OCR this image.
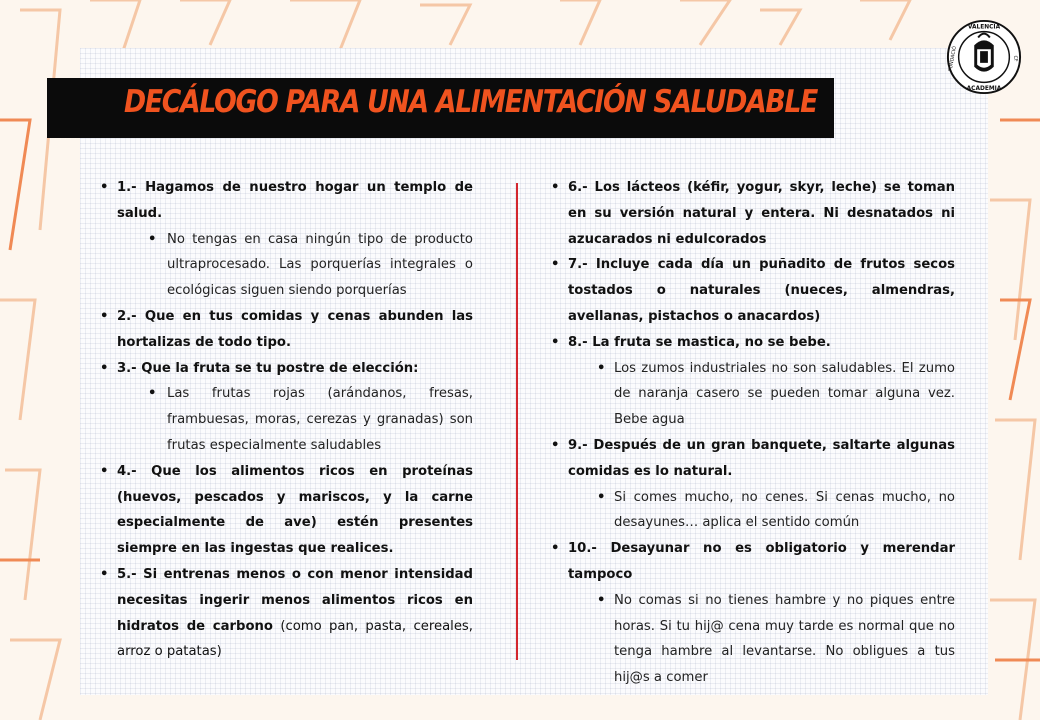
DECÁLOGO PARA UNA ALIMENTACIÓN SALUDABLE
VALENCIA
ACADEMIA
FUNDACIÓ	CF
• 1.- Hagamos de nuestro hogar un templo de salud.
• No tengas en casa ningún tipo de producto ultraprocesado. Las porquerías integrales o ecológicas siguen siendo porquerías
• 2.- Que en tus comidas y cenas abunden las hortalizas de todo tipo.
• 3.- Que la fruta se tu postre de elección:
• Las frutas rojas (arándanos, fresas, frambuesas, moras, cerezas y granadas) son frutas especialmente saludables
• 4.- Que los alimentos ricos en proteínas (huevos, pescados y mariscos, y la carne especialmente de ave) estén presentes siempre en las ingestas que realices.
• 5.- Si entrenas menos o con menor intensidad necesitas ingerir menos alimentos ricos en hidratos de carbono (como pan, pasta, cereales, arroz o patatas)
• 6.- Los lácteos (kéfir, yogur, skyr, leche) se toman en su versión natural y entera. Ni desnatados ni azucarados ni edulcorados
• 7.- Incluye cada día un puñadito de frutos secos tostados o naturales (nueces, almendras, avellanas, pistachos o anacardos)
• 8.- La fruta se mastica, no se bebe.
• Los zumos industriales no son saludables. El zumo de naranja casero se pueden tomar alguna vez. Bebe agua
• 9.- Después de un gran banquete, saltarte algunas comidas es lo natural.
• Si comes mucho, no cenes. Si cenas mucho, no desayunes… aplica el sentido común
• 10.- Desayunar no es obligatorio y merendar tampoco
• No comas si no tienes hambre y no piques entre horas. Si tu hij@ cena muy tarde es normal que no tenga hambre al levantarse. No obligues a tus hij@s a comer
